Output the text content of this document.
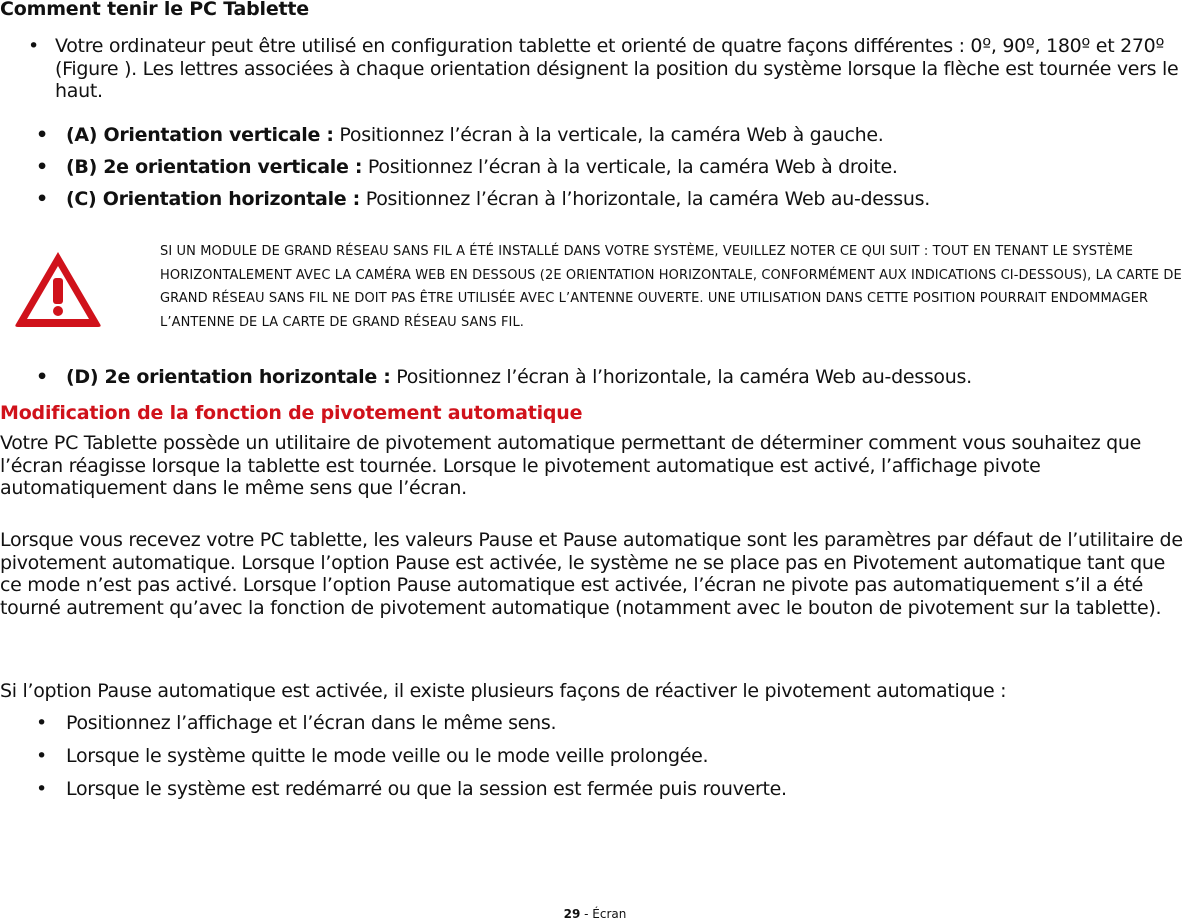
Comment tenir le PC Tablette
• Votre ordinateur peut être utilisé en configuration tablette et orienté de quatre façons différentes : 0º, 90º, 180º et 270º (Figure ). Les lettres associées à chaque orientation désignent la position du système lorsque la flèche est tournée vers le haut.
• (A) Orientation verticale : Positionnez l’écran à la verticale, la caméra Web à gauche.
• (B) 2e orientation verticale : Positionnez l’écran à la verticale, la caméra Web à droite.
• (C) Orientation horizontale : Positionnez l’écran à l’horizontale, la caméra Web au-dessus.
SI UN MODULE DE GRAND RÉSEAU SANS FIL A ÉTÉ INSTALLÉ DANS VOTRE SYSTÈME, VEUILLEZ NOTER CE QUI SUIT : TOUT EN TENANT LE SYSTÈME HORIZONTALEMENT AVEC LA CAMÉRA WEB EN DESSOUS (2E ORIENTATION HORIZONTALE, CONFORMÉMENT AUX INDICATIONS CI-DESSOUS), LA CARTE DE GRAND RÉSEAU SANS FIL NE DOIT PAS ÊTRE UTILISÉE AVEC L’ANTENNE OUVERTE. UNE UTILISATION DANS CETTE POSITION POURRAIT ENDOMMAGER L’ANTENNE DE LA CARTE DE GRAND RÉSEAU SANS FIL.
• (D) 2e orientation horizontale : Positionnez l’écran à l’horizontale, la caméra Web au-dessous.
Modification de la fonction de pivotement automatique
Votre PC Tablette possède un utilitaire de pivotement automatique permettant de déterminer comment vous souhaitez que l’écran réagisse lorsque la tablette est tournée. Lorsque le pivotement automatique est activé, l’affichage pivote automatiquement dans le même sens que l’écran.
Lorsque vous recevez votre PC tablette, les valeurs Pause et Pause automatique sont les paramètres par défaut de l’utilitaire de pivotement automatique. Lorsque l’option Pause est activée, le système ne se place pas en Pivotement automatique tant que ce mode n’est pas activé. Lorsque l’option Pause automatique est activée, l’écran ne pivote pas automatiquement s’il a été tourné autrement qu’avec la fonction de pivotement automatique (notamment avec le bouton de pivotement sur la tablette).
Si l’option Pause automatique est activée, il existe plusieurs façons de réactiver le pivotement automatique :
• Positionnez l’affichage et l’écran dans le même sens.
• Lorsque le système quitte le mode veille ou le mode veille prolongée.
• Lorsque le système est redémarré ou que la session est fermée puis rouverte.
29 - Écran
